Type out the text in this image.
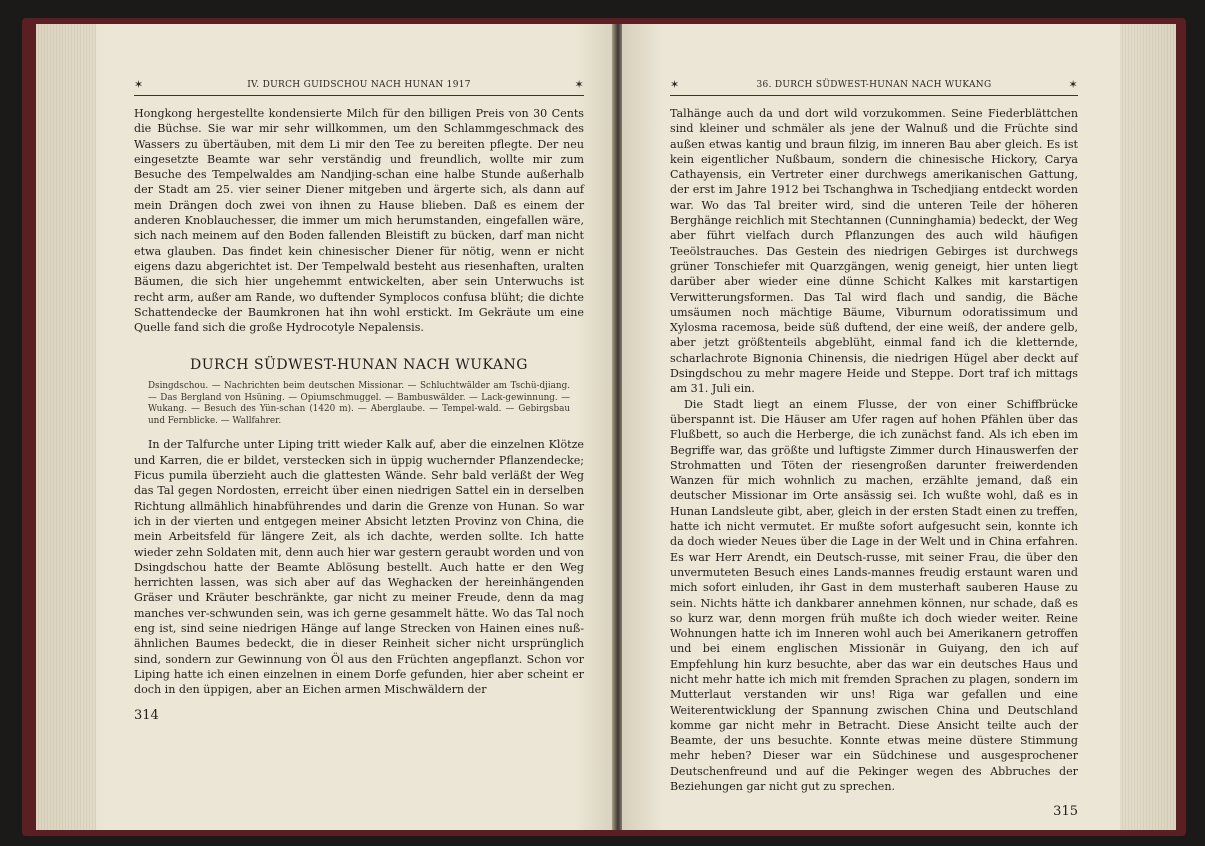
✶	IV. DURCH GUIDSCHOU NACH HUNAN 1917	✶

Hongkong hergestellte kondensierte Milch für den billigen Preis von 30 Cents die Büchse. Sie war mir sehr willkommen, um den Schlammgeschmack des Wassers zu übertäuben, mit dem Li mir den Tee zu bereiten pflegte. Der neu eingesetzte Beamte war sehr verständig und freundlich, wollte mir zum Besuche des Tempelwaldes am Nandjing-schan eine halbe Stunde außerhalb der Stadt am 25. vier seiner Diener mitgeben und ärgerte sich, als dann auf mein Drängen doch zwei von ihnen zu Hause blieben. Daß es einem der anderen Knoblauchesser, die immer um mich herumstanden, eingefallen wäre, sich nach meinem auf den Boden fallenden Bleistift zu bücken, darf man nicht etwa glauben. Das findet kein chinesischer Diener für nötig, wenn er nicht eigens dazu abgerichtet ist. Der Tempelwald besteht aus riesenhaften, uralten Bäumen, die sich hier ungehemmt entwickelten, aber sein Unterwuchs ist recht arm, außer am Rande, wo duftender Symplocos confusa blüht; die dichte Schattendecke der Baumkronen hat ihn wohl erstickt. Im Gekräute um eine Quelle fand sich die große Hydrocotyle Nepalensis.

DURCH SÜDWEST-HUNAN NACH WUKANG

Dsingdschou. — Nachrichten beim deutschen Missionar. — Schluchtwälder am Tschü-djiang. — Das Bergland von Hsüning. — Opiumschmuggel. — Bambuswälder. — Lack-gewinnung. — Wukang. — Besuch des Yün-schan (1420 m). — Aberglaube. — Tempel-wald. — Gebirgsbau und Fernblicke. — Wallfahrer.

In der Talfurche unter Liping tritt wieder Kalk auf, aber die einzelnen Klötze und Karren, die er bildet, verstecken sich in üppig wuchernder Pflanzendecke; Ficus pumila überzieht auch die glattesten Wände. Sehr bald verläßt der Weg das Tal gegen Nordosten, erreicht über einen niedrigen Sattel ein in derselben Richtung allmählich hinabführendes und darin die Grenze von Hunan. So war ich in der vierten und entgegen meiner Absicht letzten Provinz von China, die mein Arbeitsfeld für längere Zeit, als ich dachte, werden sollte. Ich hatte wieder zehn Soldaten mit, denn auch hier war gestern geraubt worden und von Dsingdschou hatte der Beamte Ablösung bestellt. Auch hatte er den Weg herrichten lassen, was sich aber auf das Weghacken der hereinhängenden Gräser und Kräuter beschränkte, gar nicht zu meiner Freude, denn da mag manches ver-schwunden sein, was ich gerne gesammelt hätte. Wo das Tal noch eng ist, sind seine niedrigen Hänge auf lange Strecken von Hainen eines nuß-ähnlichen Baumes bedeckt, die in dieser Reinheit sicher nicht ursprünglich sind, sondern zur Gewinnung von Öl aus den Früchten angepflanzt. Schon vor Liping hatte ich einen einzelnen in einem Dorfe gefunden, hier aber scheint er doch in den üppigen, aber an Eichen armen Mischwäldern der

314
✶	36. DURCH SÜDWEST-HUNAN NACH WUKANG	✶

Talhänge auch da und dort wild vorzukommen. Seine Fiederblättchen sind kleiner und schmäler als jene der Walnuß und die Früchte sind außen etwas kantig und braun filzig, im inneren Bau aber gleich. Es ist kein eigentlicher Nußbaum, sondern die chinesische Hickory, Carya Cathayensis, ein Vertreter einer durchwegs amerikanischen Gattung, der erst im Jahre 1912 bei Tschanghwa in Tschedjiang entdeckt worden war. Wo das Tal breiter wird, sind die unteren Teile der höheren Berghänge reichlich mit Stechtannen (Cunninghamia) bedeckt, der Weg aber führt vielfach durch Pflanzungen des auch wild häufigen Teeölstrauches. Das Gestein des niedrigen Gebirges ist durchwegs grüner Tonschiefer mit Quarzgängen, wenig geneigt, hier unten liegt darüber aber wieder eine dünne Schicht Kalkes mit karstartigen Verwitterungsformen. Das Tal wird flach und sandig, die Bäche umsäumen noch mächtige Bäume, Viburnum odoratissimum und Xylosma racemosa, beide süß duftend, der eine weiß, der andere gelb, aber jetzt größtenteils abgeblüht, einmal fand ich die kletternde, scharlachrote Bignonia Chinensis, die niedrigen Hügel aber deckt auf Dsingdschou zu mehr magere Heide und Steppe. Dort traf ich mittags am 31. Juli ein.

Die Stadt liegt an einem Flusse, der von einer Schiffbrücke überspannt ist. Die Häuser am Ufer ragen auf hohen Pfählen über das Flußbett, so auch die Herberge, die ich zunächst fand. Als ich eben im Begriffe war, das größte und luftigste Zimmer durch Hinauswerfen der Strohmatten und Töten der riesengroßen darunter freiwerdenden Wanzen für mich wohnlich zu machen, erzählte jemand, daß ein deutscher Missionar im Orte ansässig sei. Ich wußte wohl, daß es in Hunan Landsleute gibt, aber, gleich in der ersten Stadt einen zu treffen, hatte ich nicht vermutet. Er mußte sofort aufgesucht sein, konnte ich da doch wieder Neues über die Lage in der Welt und in China erfahren. Es war Herr Arendt, ein Deutsch-russe, mit seiner Frau, die über den unvermuteten Besuch eines Lands-mannes freudig erstaunt waren und mich sofort einluden, ihr Gast in dem musterhaft sauberen Hause zu sein. Nichts hätte ich dankbarer annehmen können, nur schade, daß es so kurz war, denn morgen früh mußte ich doch wieder weiter. Reine Wohnungen hatte ich im Inneren wohl auch bei Amerikanern getroffen und bei einem englischen Missionär in Guiyang, den ich auf Empfehlung hin kurz besuchte, aber das war ein deutsches Haus und nicht mehr hatte ich mich mit fremden Sprachen zu plagen, sondern im Mutterlaut verstanden wir uns! Riga war gefallen und eine Weiterentwicklung der Spannung zwischen China und Deutschland komme gar nicht mehr in Betracht. Diese Ansicht teilte auch der Beamte, der uns besuchte. Konnte etwas meine düstere Stimmung mehr heben? Dieser war ein Südchinese und ausgesprochener Deutschenfreund und auf die Pekinger wegen des Abbruches der Beziehungen gar nicht gut zu sprechen.

315
